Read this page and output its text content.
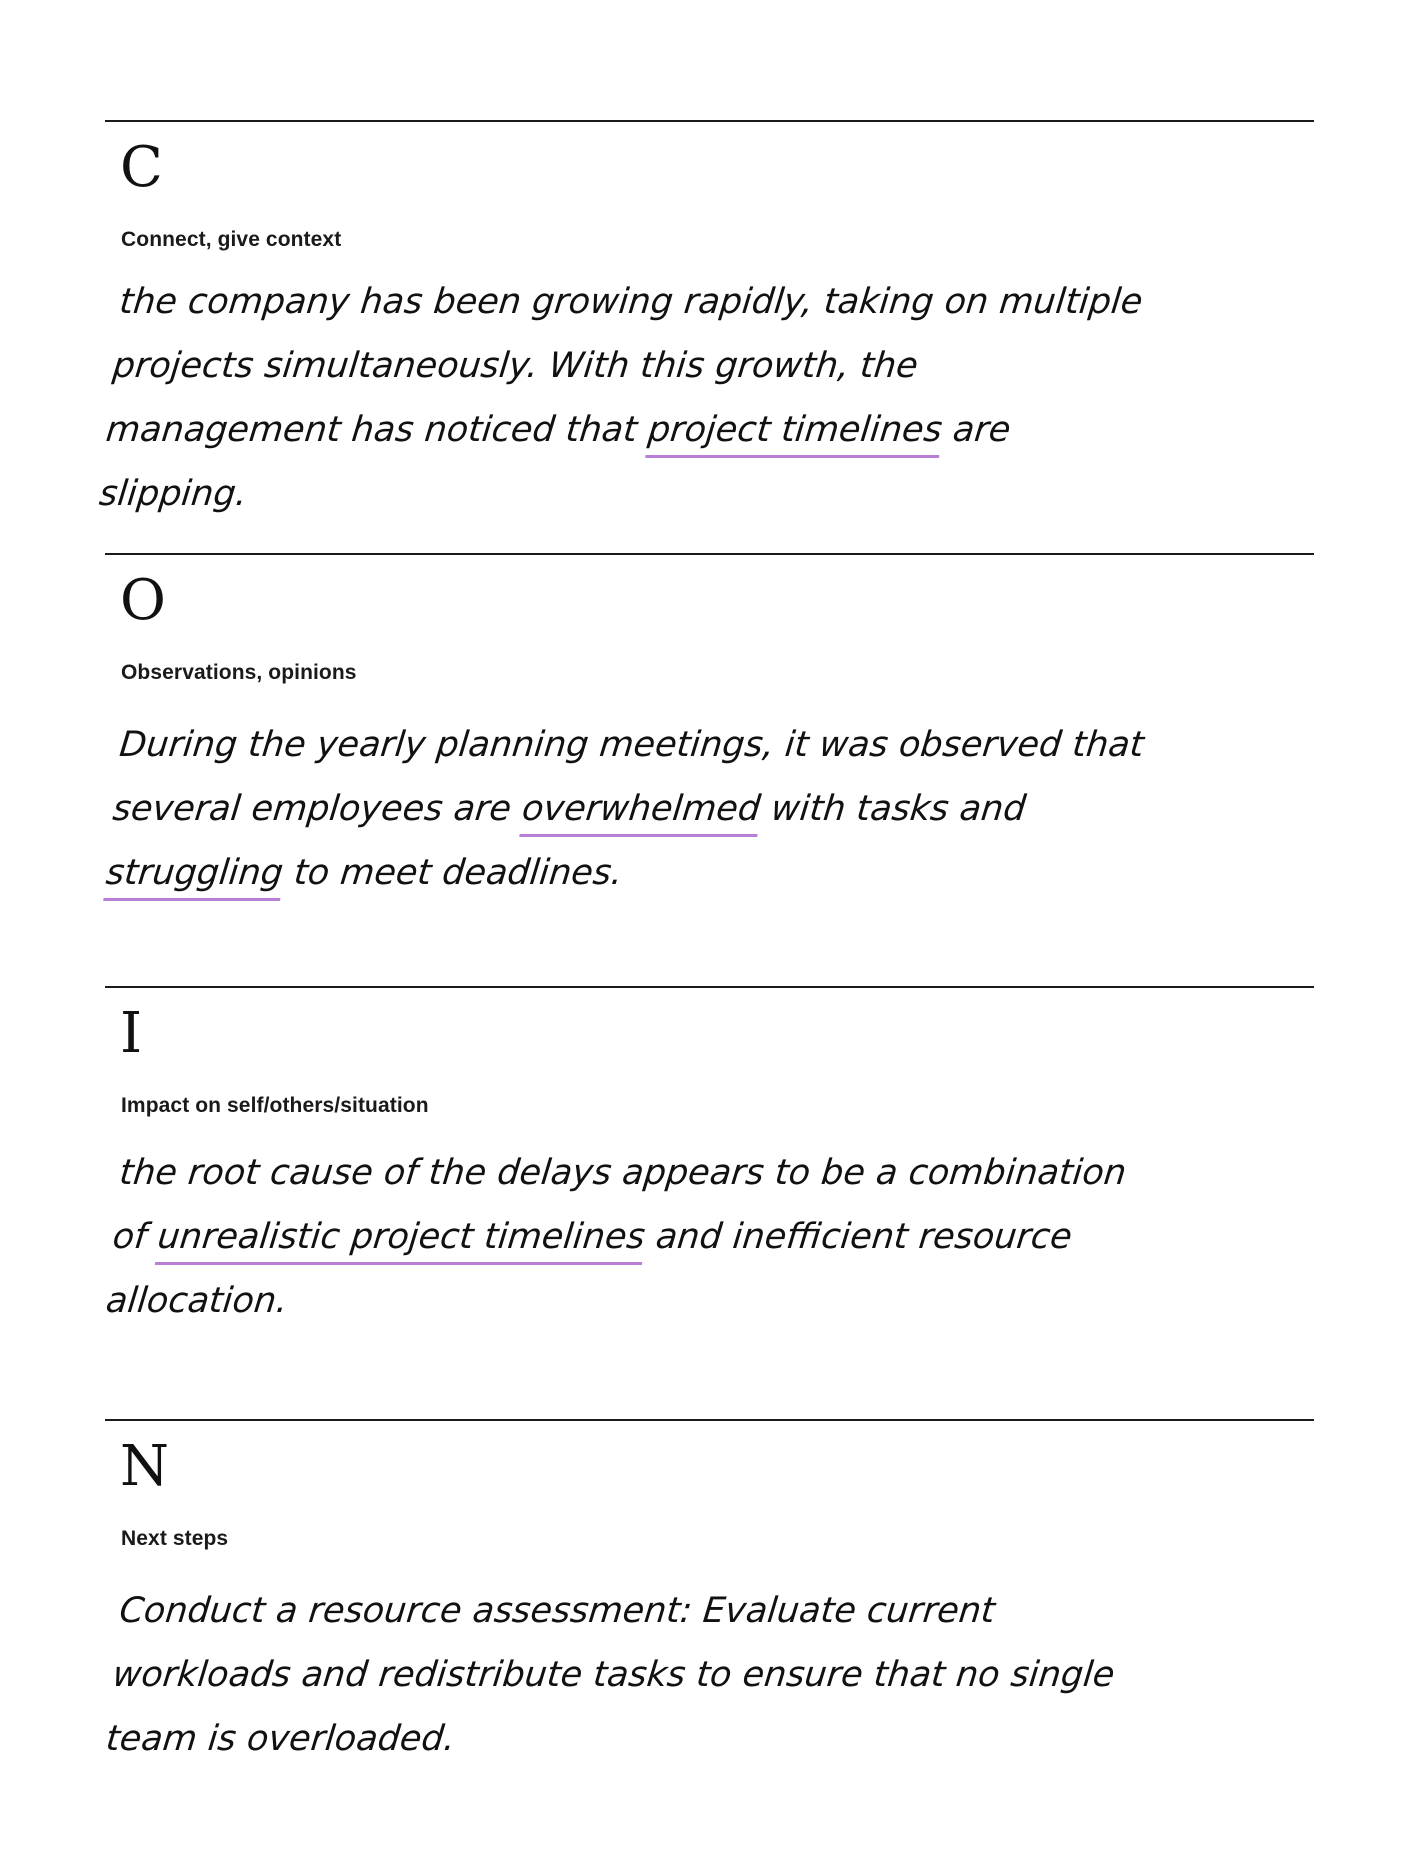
C
Connect, give context
the company has been growing rapidly, taking on multiple projects simultaneously. With this growth, the management has noticed that project timelines are slipping.
O
Observations, opinions
During the yearly planning meetings, it was observed that several employees are overwhelmed with tasks and struggling to meet deadlines.
I
Impact on self/others/situation
the root cause of the delays appears to be a combination of unrealistic project timelines and inefficient resource allocation.
N
Next steps
Conduct a resource assessment: Evaluate current workloads and redistribute tasks to ensure that no single team is overloaded.
